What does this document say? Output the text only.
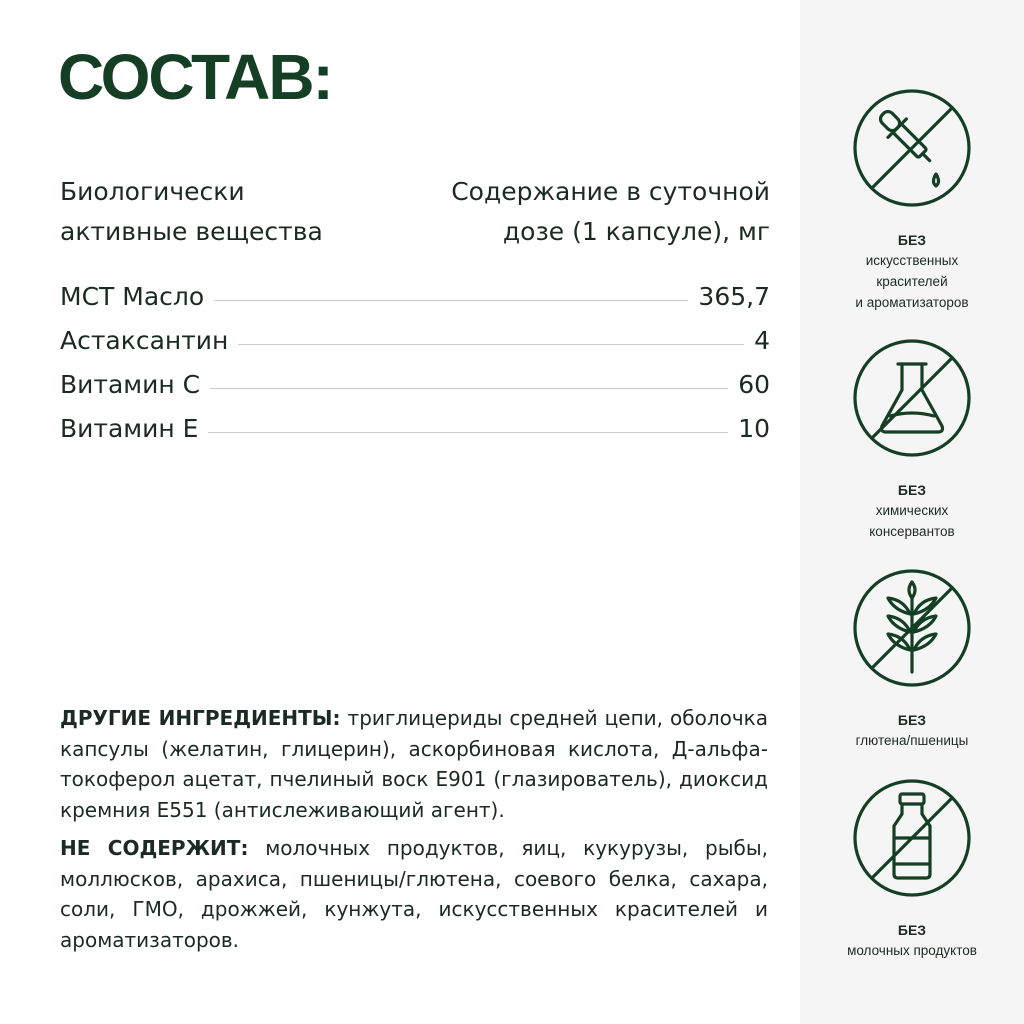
СОСТАВ:
Биологически
активные вещества
Содержание в суточной
дозе (1 капсуле), мг
МСТ Масло	365,7
Астаксантин	4
Витамин С	60
Витамин Е	10

ДРУГИЕ ИНГРЕДИЕНТЫ: триглицериды средней цепи, оболочка капсулы (желатин, глицерин), аскорбиновая кислота, Д-альфа-токоферол ацетат, пчелиный воск Е901 (глазирователь), диоксид кремния Е551 (антислеживающий агент).

НЕ СОДЕРЖИТ: молочных продуктов, яиц, кукурузы, рыбы, моллюсков, арахиса, пшеницы/глютена, соевого белка, сахара, соли, ГМО, дрожжей, кунжута, искусственных красителей и ароматизаторов.

БЕЗ
искусственных
красителей
и ароматизаторов
БЕЗ
химических
консервантов
БЕЗ
глютена/пшеницы
БЕЗ
молочных продуктов
